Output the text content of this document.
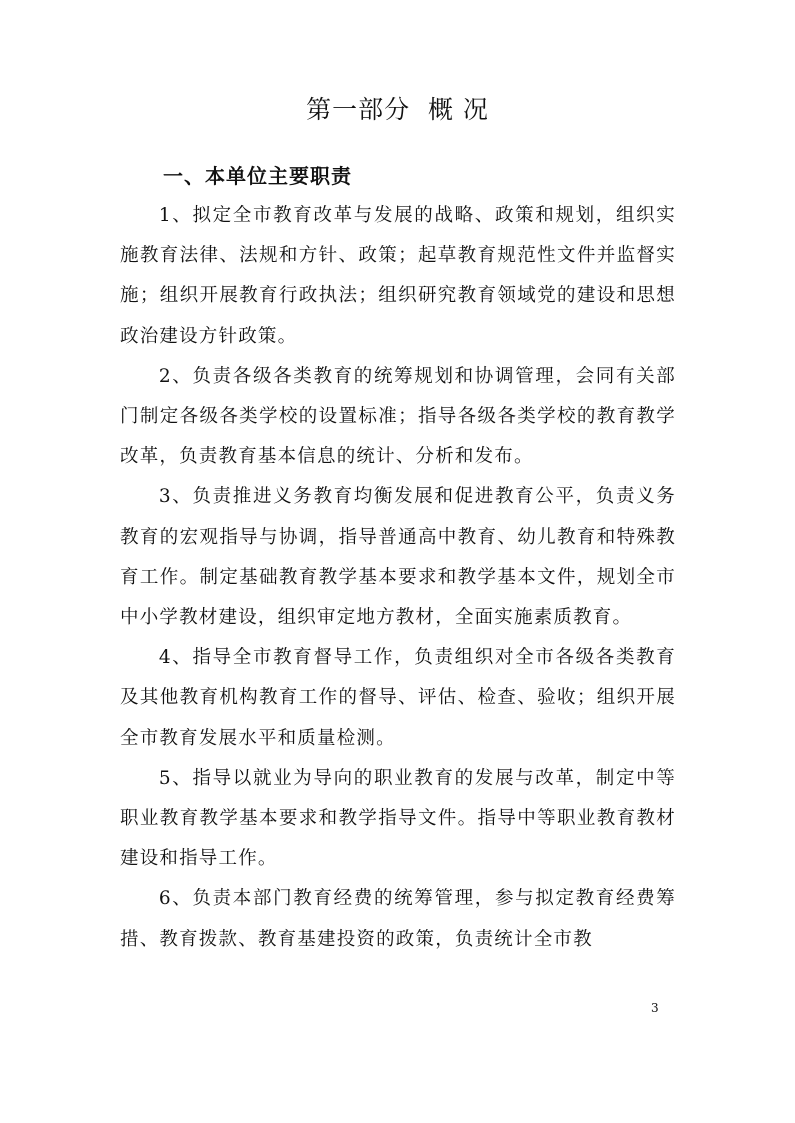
第一部分  概 况
一、本单位主要职责

1、拟定全市教育改革与发展的战略、政策和规划，组织实施教育法律、法规和方针、政策；起草教育规范性文件并监督实施；组织开展教育行政执法；组织研究教育领域党的建设和思想政治建设方针政策。

2、负责各级各类教育的统筹规划和协调管理，会同有关部门制定各级各类学校的设置标准；指导各级各类学校的教育教学改革，负责教育基本信息的统计、分析和发布。

3、负责推进义务教育均衡发展和促进教育公平，负责义务教育的宏观指导与协调，指导普通高中教育、幼儿教育和特殊教育工作。制定基础教育教学基本要求和教学基本文件，规划全市中小学教材建设，组织审定地方教材，全面实施素质教育。

4、指导全市教育督导工作，负责组织对全市各级各类教育及其他教育机构教育工作的督导、评估、检查、验收；组织开展全市教育发展水平和质量检测。

5、指导以就业为导向的职业教育的发展与改革，制定中等职业教育教学基本要求和教学指导文件。指导中等职业教育教材建设和指导工作。

6、负责本部门教育经费的统筹管理，参与拟定教育经费筹措、教育拨款、教育基建投资的政策，负责统计全市教

3
